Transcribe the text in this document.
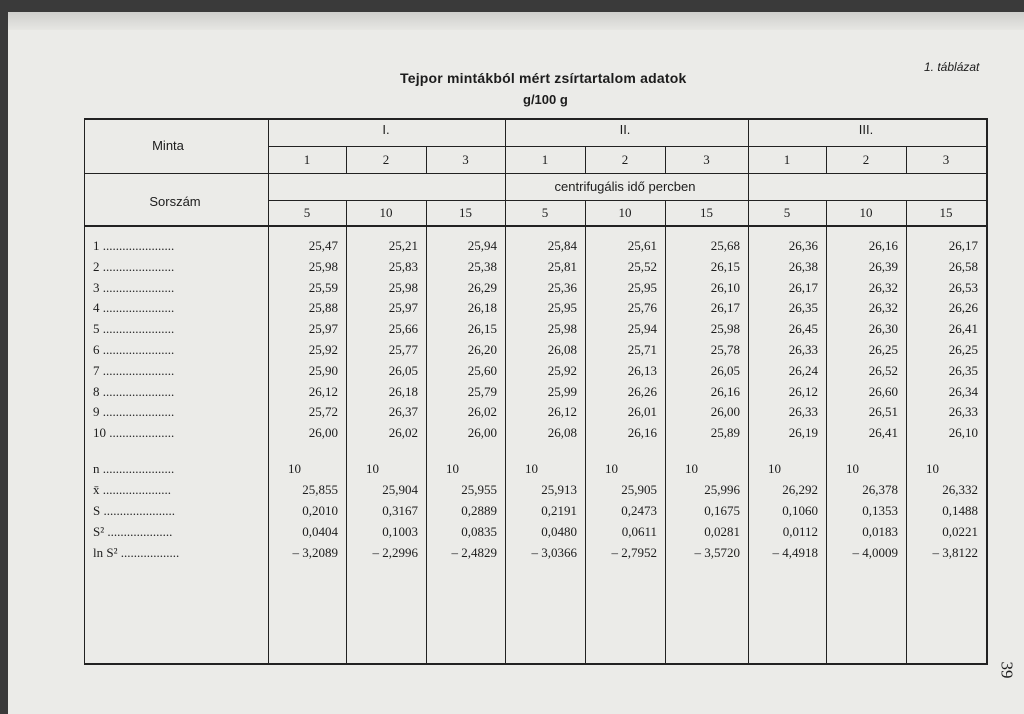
Tejpor mintákból mért zsírtartalom adatok
g/100 g
1. táblázat
39
Minta
Sorszám
centrifugális idő percben
I.	II.	III.
1	2	3	1	2	3	1	2	3
5	10	15	5	10	15	5	10	15
1 ......................	25,47	25,21	25,94	25,84	25,61	25,68	26,36	26,16	26,17
2 ......................	25,98	25,83	25,38	25,81	25,52	26,15	26,38	26,39	26,58
3 ......................	25,59	25,98	26,29	25,36	25,95	26,10	26,17	26,32	26,53
4 ......................	25,88	25,97	26,18	25,95	25,76	26,17	26,35	26,32	26,26
5 ......................	25,97	25,66	26,15	25,98	25,94	25,98	26,45	26,30	26,41
6 ......................	25,92	25,77	26,20	26,08	25,71	25,78	26,33	26,25	26,25
7 ......................	25,90	26,05	25,60	25,92	26,13	26,05	26,24	26,52	26,35
8 ......................	26,12	26,18	25,79	25,99	26,26	26,16	26,12	26,60	26,34
9 ......................	25,72	26,37	26,02	26,12	26,01	26,00	26,33	26,51	26,33
10 ....................	26,00	26,02	26,00	26,08	26,16	25,89	26,19	26,41	26,10
n ......................	10	10	10	10	10	10	10	10	10
x̄ .....................	25,855	25,904	25,955	25,913	25,905	25,996	26,292	26,378	26,332
S ......................	0,2010	0,3167	0,2889	0,2191	0,2473	0,1675	0,1060	0,1353	0,1488
S² ....................	0,0404	0,1003	0,0835	0,0480	0,0611	0,0281	0,0112	0,0183	0,0221
ln S² ..................	– 3,2089	– 2,2996	– 2,4829	– 3,0366	– 2,7952	– 3,5720	– 4,4918	– 4,0009	– 3,8122
